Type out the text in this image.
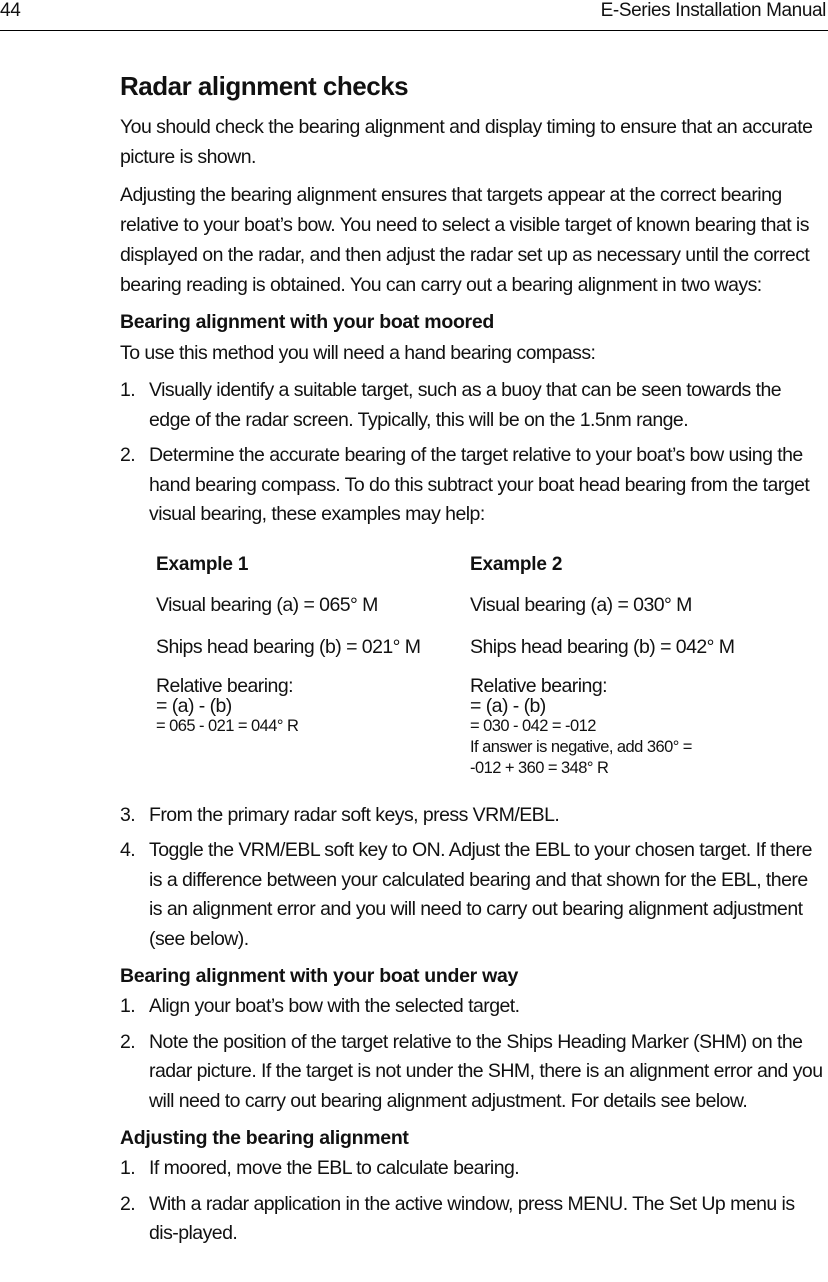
44	E-Series Installation Manual
Radar alignment checks

You should check the bearing alignment and display timing to ensure that an accurate picture is shown.

Adjusting the bearing alignment ensures that targets appear at the correct bearing relative to your boat’s bow. You need to select a visible target of known bearing that is displayed on the radar, and then adjust the radar set up as necessary until the correct bearing reading is obtained. You can carry out a bearing alignment in two ways:

Bearing alignment with your boat moored

To use this method you will need a hand bearing compass:

1. Visually identify a suitable target, such as a buoy that can be seen towards the edge of the radar screen. Typically, this will be on the 1.5nm range.
2. Determine the accurate bearing of the target relative to your boat’s bow using the hand bearing compass. To do this subtract your boat head bearing from the target visual bearing, these examples may help:
Example 1
Visual bearing (a) = 065° M
Ships head bearing (b) = 021° M
Relative bearing:
= (a) - (b)
= 065 - 021 = 044° R
Example 2
Visual bearing (a) = 030° M
Ships head bearing (b) = 042° M
Relative bearing:
= (a) - (b)
= 030 - 042 = -012
If answer is negative, add 360° =
-012 + 360 = 348° R
3. From the primary radar soft keys, press VRM/EBL.
4. Toggle the VRM/EBL soft key to ON. Adjust the EBL to your chosen target. If there is a difference between your calculated bearing and that shown for the EBL, there is an alignment error and you will need to carry out bearing alignment adjustment (see below).
Bearing alignment with your boat under way
1. Align your boat’s bow with the selected target.
2. Note the position of the target relative to the Ships Heading Marker (SHM) on the radar picture. If the target is not under the SHM, there is an alignment error and you will need to carry out bearing alignment adjustment. For details see below.
Adjusting the bearing alignment
1. If moored, move the EBL to calculate bearing.
2. With a radar application in the active window, press MENU. The Set Up menu is dis-played.
